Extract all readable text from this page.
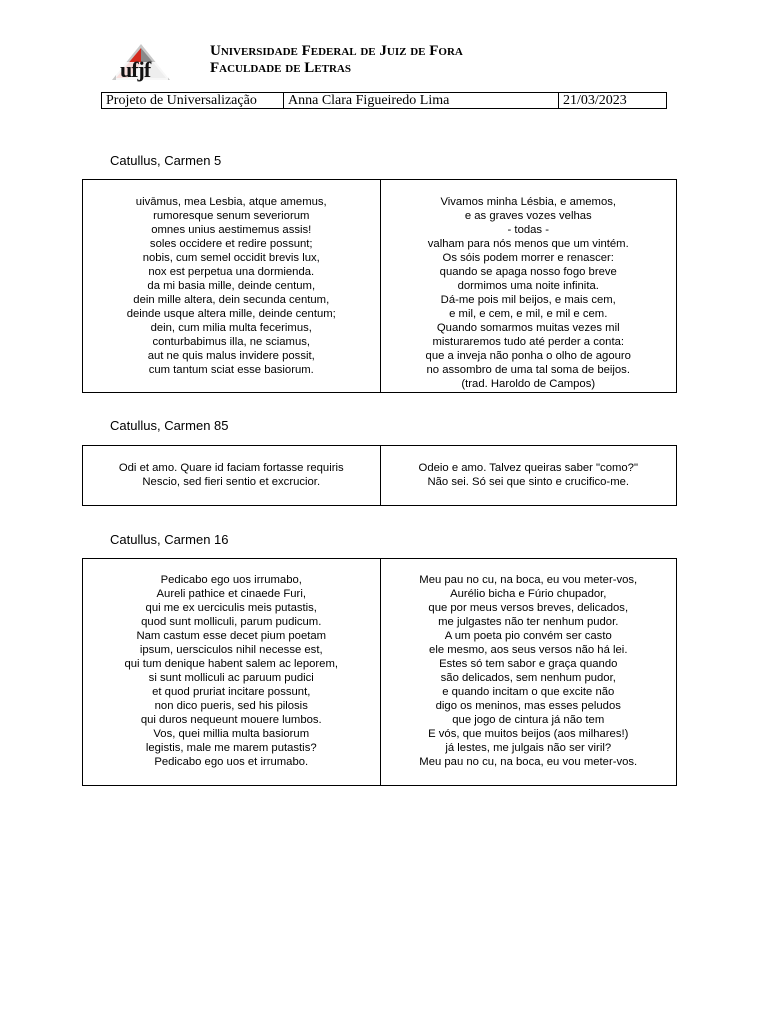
ufjf
Universidade Federal de Juiz de Fora
Faculdade de Letras
Projeto de Universalização	Anna Clara Figueiredo Lima	21/03/2023
Catullus, Carmen 5
uivāmus, mea Lesbia, atque amemus,
rumoresque senum severiorum
omnes unius aestimemus assis!
soles occidere et redire possunt;
nobis, cum semel occidit brevis lux,
nox est perpetua una dormienda.
da mi basia mille, deinde centum,
dein mille altera, dein secunda centum,
deinde usque altera mille, deinde centum;
dein, cum milia multa fecerimus,
conturbabimus illa, ne sciamus,
aut ne quis malus invidere possit,
cum tantum sciat esse basiorum.
Vivamos minha Lésbia, e amemos,
e as graves vozes velhas
- todas -
valham para nós menos que um vintém.
Os sóis podem morrer e renascer:
quando se apaga nosso fogo breve
dormimos uma noite infinita.
Dá-me pois mil beijos, e mais cem,
e mil, e cem, e mil, e mil e cem.
Quando somarmos muitas vezes mil
misturaremos tudo até perder a conta:
que a inveja não ponha o olho de agouro
no assombro de uma tal soma de beijos.
(trad. Haroldo de Campos)
Catullus, Carmen 85
Odi et amo. Quare id faciam fortasse requiris
Nescio, sed fieri sentio et excrucior.
Odeio e amo. Talvez queiras saber "como?"
Não sei. Só sei que sinto e crucifico-me.
Catullus, Carmen 16
Pedicabo ego uos irrumabo,
Aureli pathice et cinaede Furi,
qui me ex uerciculis meis putastis,
quod sunt molliculi, parum pudicum.
Nam castum esse decet pium poetam
ipsum, uersciculos nihil necesse est,
qui tum denique habent salem ac leporem,
si sunt molliculi ac paruum pudici
et quod pruriat incitare possunt,
non dico pueris, sed his pilosis
qui duros nequeunt mouere lumbos.
Vos, quei millia multa basiorum
legistis, male me marem putastis?
Pedicabo ego uos et irrumabo.
Meu pau no cu, na boca, eu vou meter-vos,
Aurélio bicha e Fúrio chupador,
que por meus versos breves, delicados,
me julgastes não ter nenhum pudor.
A um poeta pio convém ser casto
ele mesmo, aos seus versos não há lei.
Estes só tem sabor e graça quando
são delicados, sem nenhum pudor,
e quando incitam o que excite não
digo os meninos, mas esses peludos
que jogo de cintura já não tem
E vós, que muitos beijos (aos milhares!)
já lestes, me julgais não ser viril?
Meu pau no cu, na boca, eu vou meter-vos.
